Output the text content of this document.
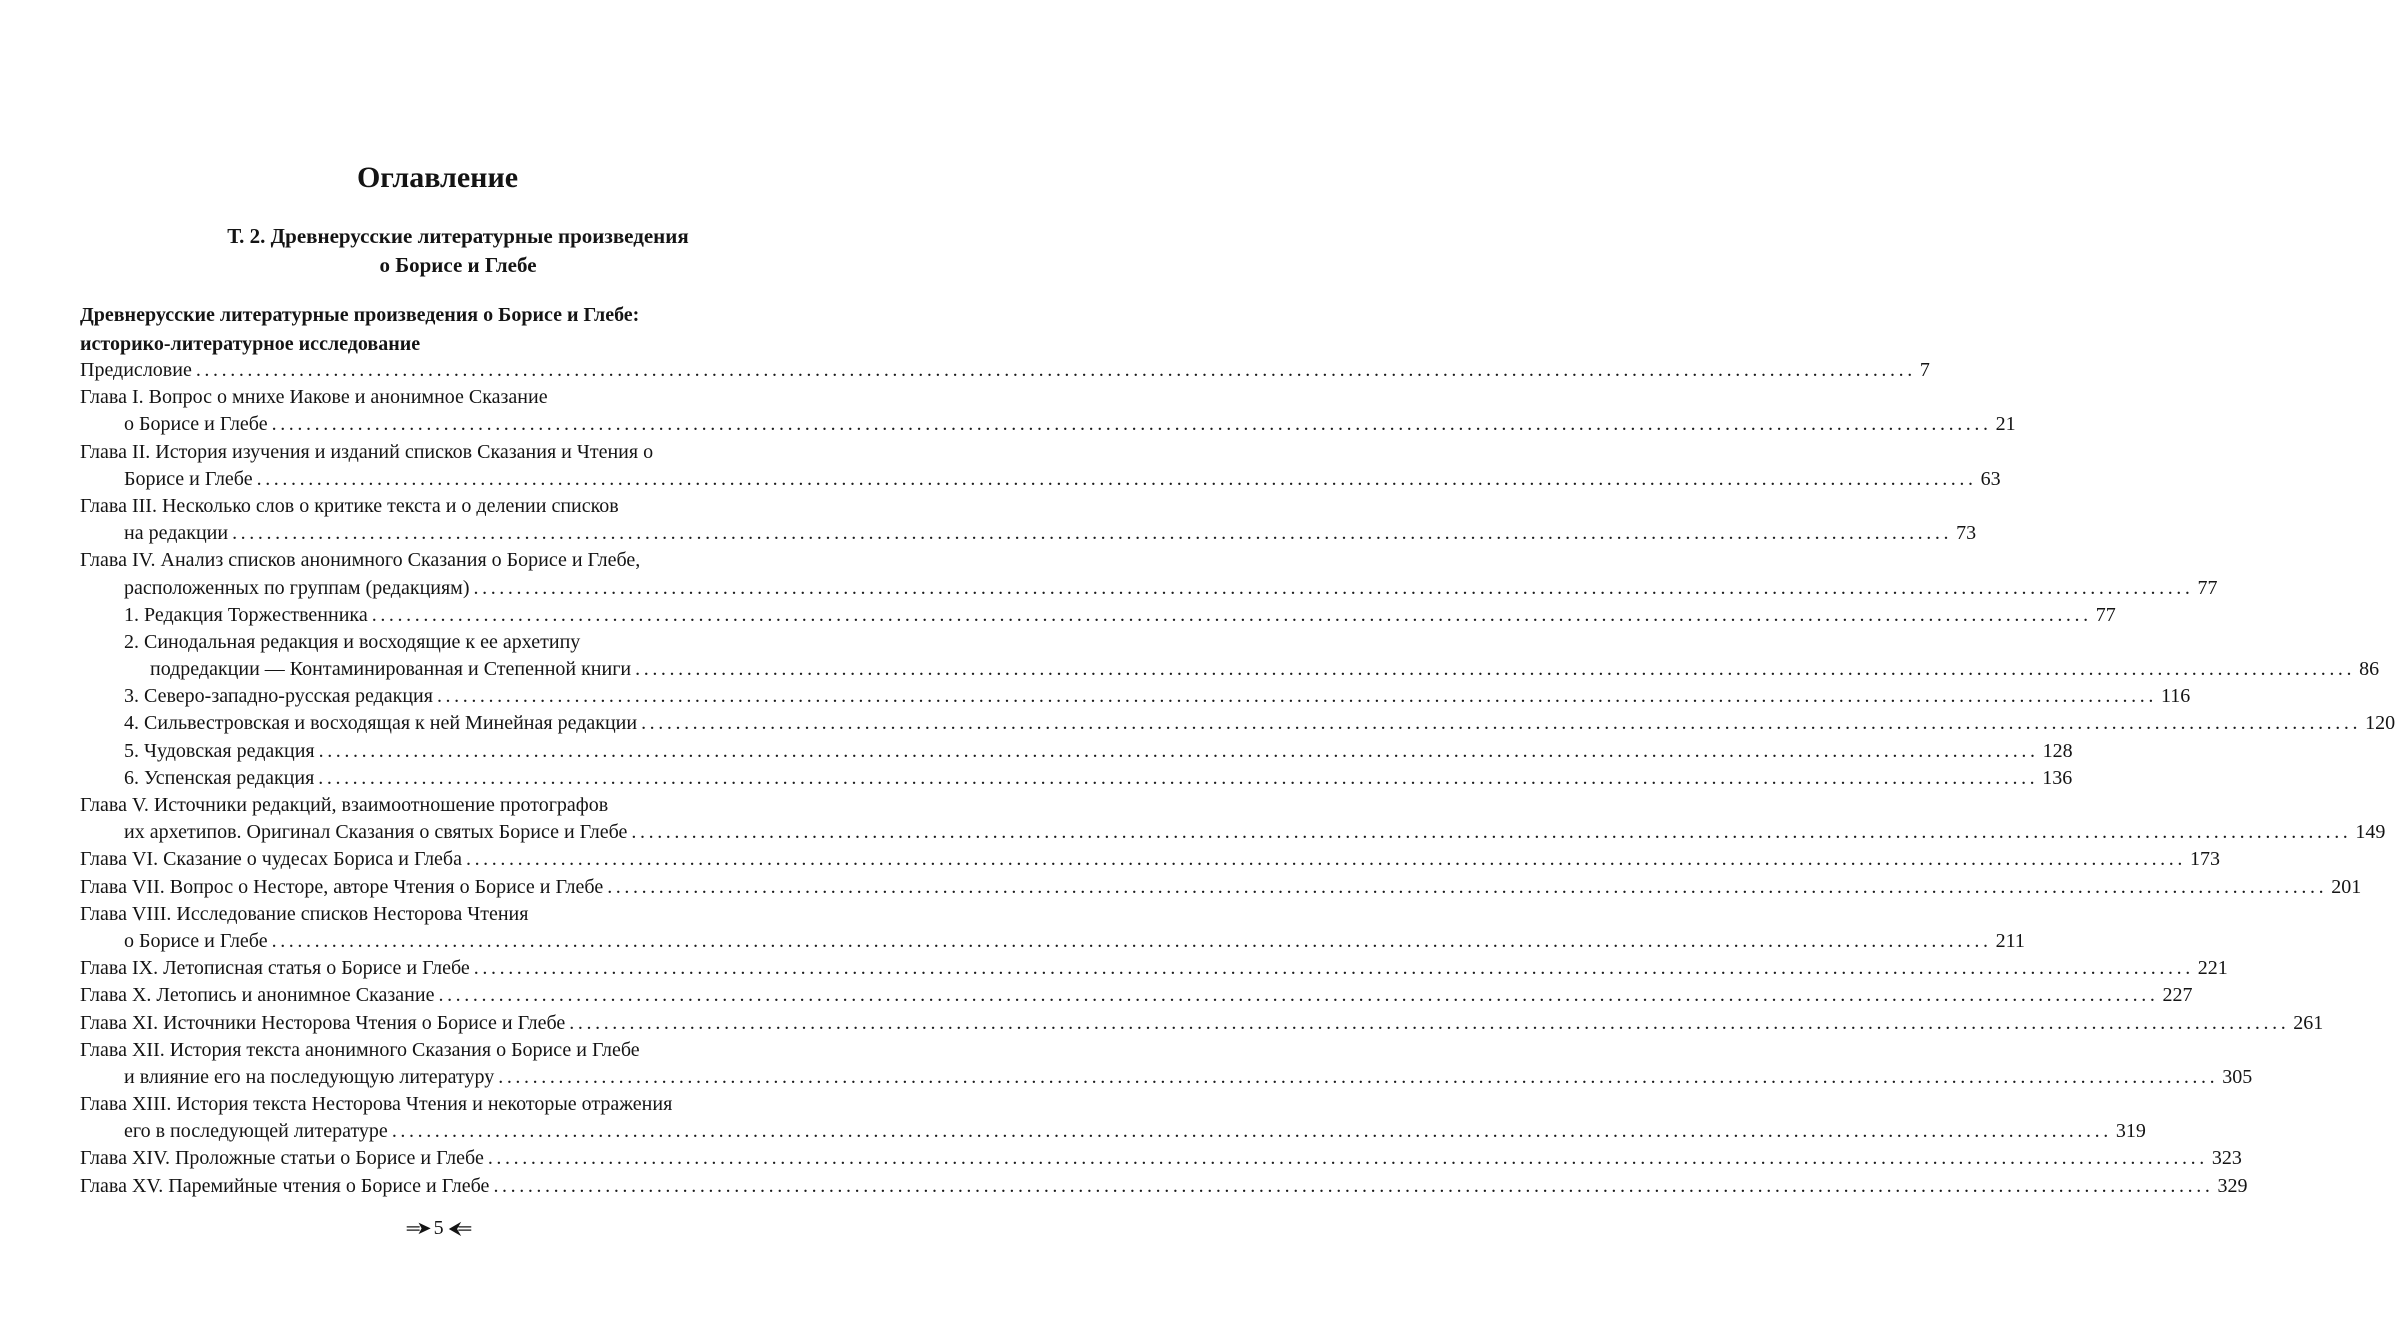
Оглавление
Т. 2. Древнерусские литературные произведения
о Борисе и Глебе
Древнерусские литературные произведения о Борисе и Глебе:
историко-литературное исследование
Предисловие ........................................................................................................................................................................................................ 7
Глава I. Вопрос о мнихе Иакове и анонимное Сказание
о Борисе и Глебе ........................................................................................................................................................................................................ 21
Глава II. История изучения и изданий списков Сказания и Чтения о
Борисе и Глебе ........................................................................................................................................................................................................ 63
Глава III. Несколько слов о критике текста и о делении списков
на редакции ........................................................................................................................................................................................................ 73
Глава IV. Анализ списков анонимного Сказания о Борисе и Глебе,
расположенных по группам (редакциям) ........................................................................................................................................................................................................ 77
1. Редакция Торжественника ........................................................................................................................................................................................................ 77
2. Синодальная редакция и восходящие к ее архетипу
подредакции — Контаминированная и Степенной книги ........................................................................................................................................................................................................ 86
3. Северо-западно-русская редакция ........................................................................................................................................................................................................ 116
4. Сильвестровская и восходящая к ней Минейная редакции ........................................................................................................................................................................................................ 120
5. Чудовская редакция ........................................................................................................................................................................................................ 128
6. Успенская редакция ........................................................................................................................................................................................................ 136
Глава V. Источники редакций, взаимоотношение протографов
их архетипов. Оригинал Сказания о святых Борисе и Глебе ........................................................................................................................................................................................................ 149
Глава VI. Сказание о чудесах Бориса и Глеба ........................................................................................................................................................................................................ 173
Глава VII. Вопрос о Несторе, авторе Чтения о Борисе и Глебе ........................................................................................................................................................................................................ 201
Глава VIII. Исследование списков Несторова Чтения
о Борисе и Глебе ........................................................................................................................................................................................................ 211
Глава IX. Летописная статья о Борисе и Глебе ........................................................................................................................................................................................................ 221
Глава X. Летопись и анонимное Сказание ........................................................................................................................................................................................................ 227
Глава XI. Источники Несторова Чтения о Борисе и Глебе ........................................................................................................................................................................................................ 261
Глава XII. История текста анонимного Сказания о Борисе и Глебе
и влияние его на последующую литературу ........................................................................................................................................................................................................ 305
Глава XIII. История текста Несторова Чтения и некоторые отражения
его в последующей литературе ........................................................................................................................................................................................................ 319
Глава XIV. Проложные статьи о Борисе и Глебе ........................................................................................................................................................................................................ 323
Глава XV. Паремийные чтения о Борисе и Глебе ........................................................................................................................................................................................................ 329
═➤ 5 ⮜═
